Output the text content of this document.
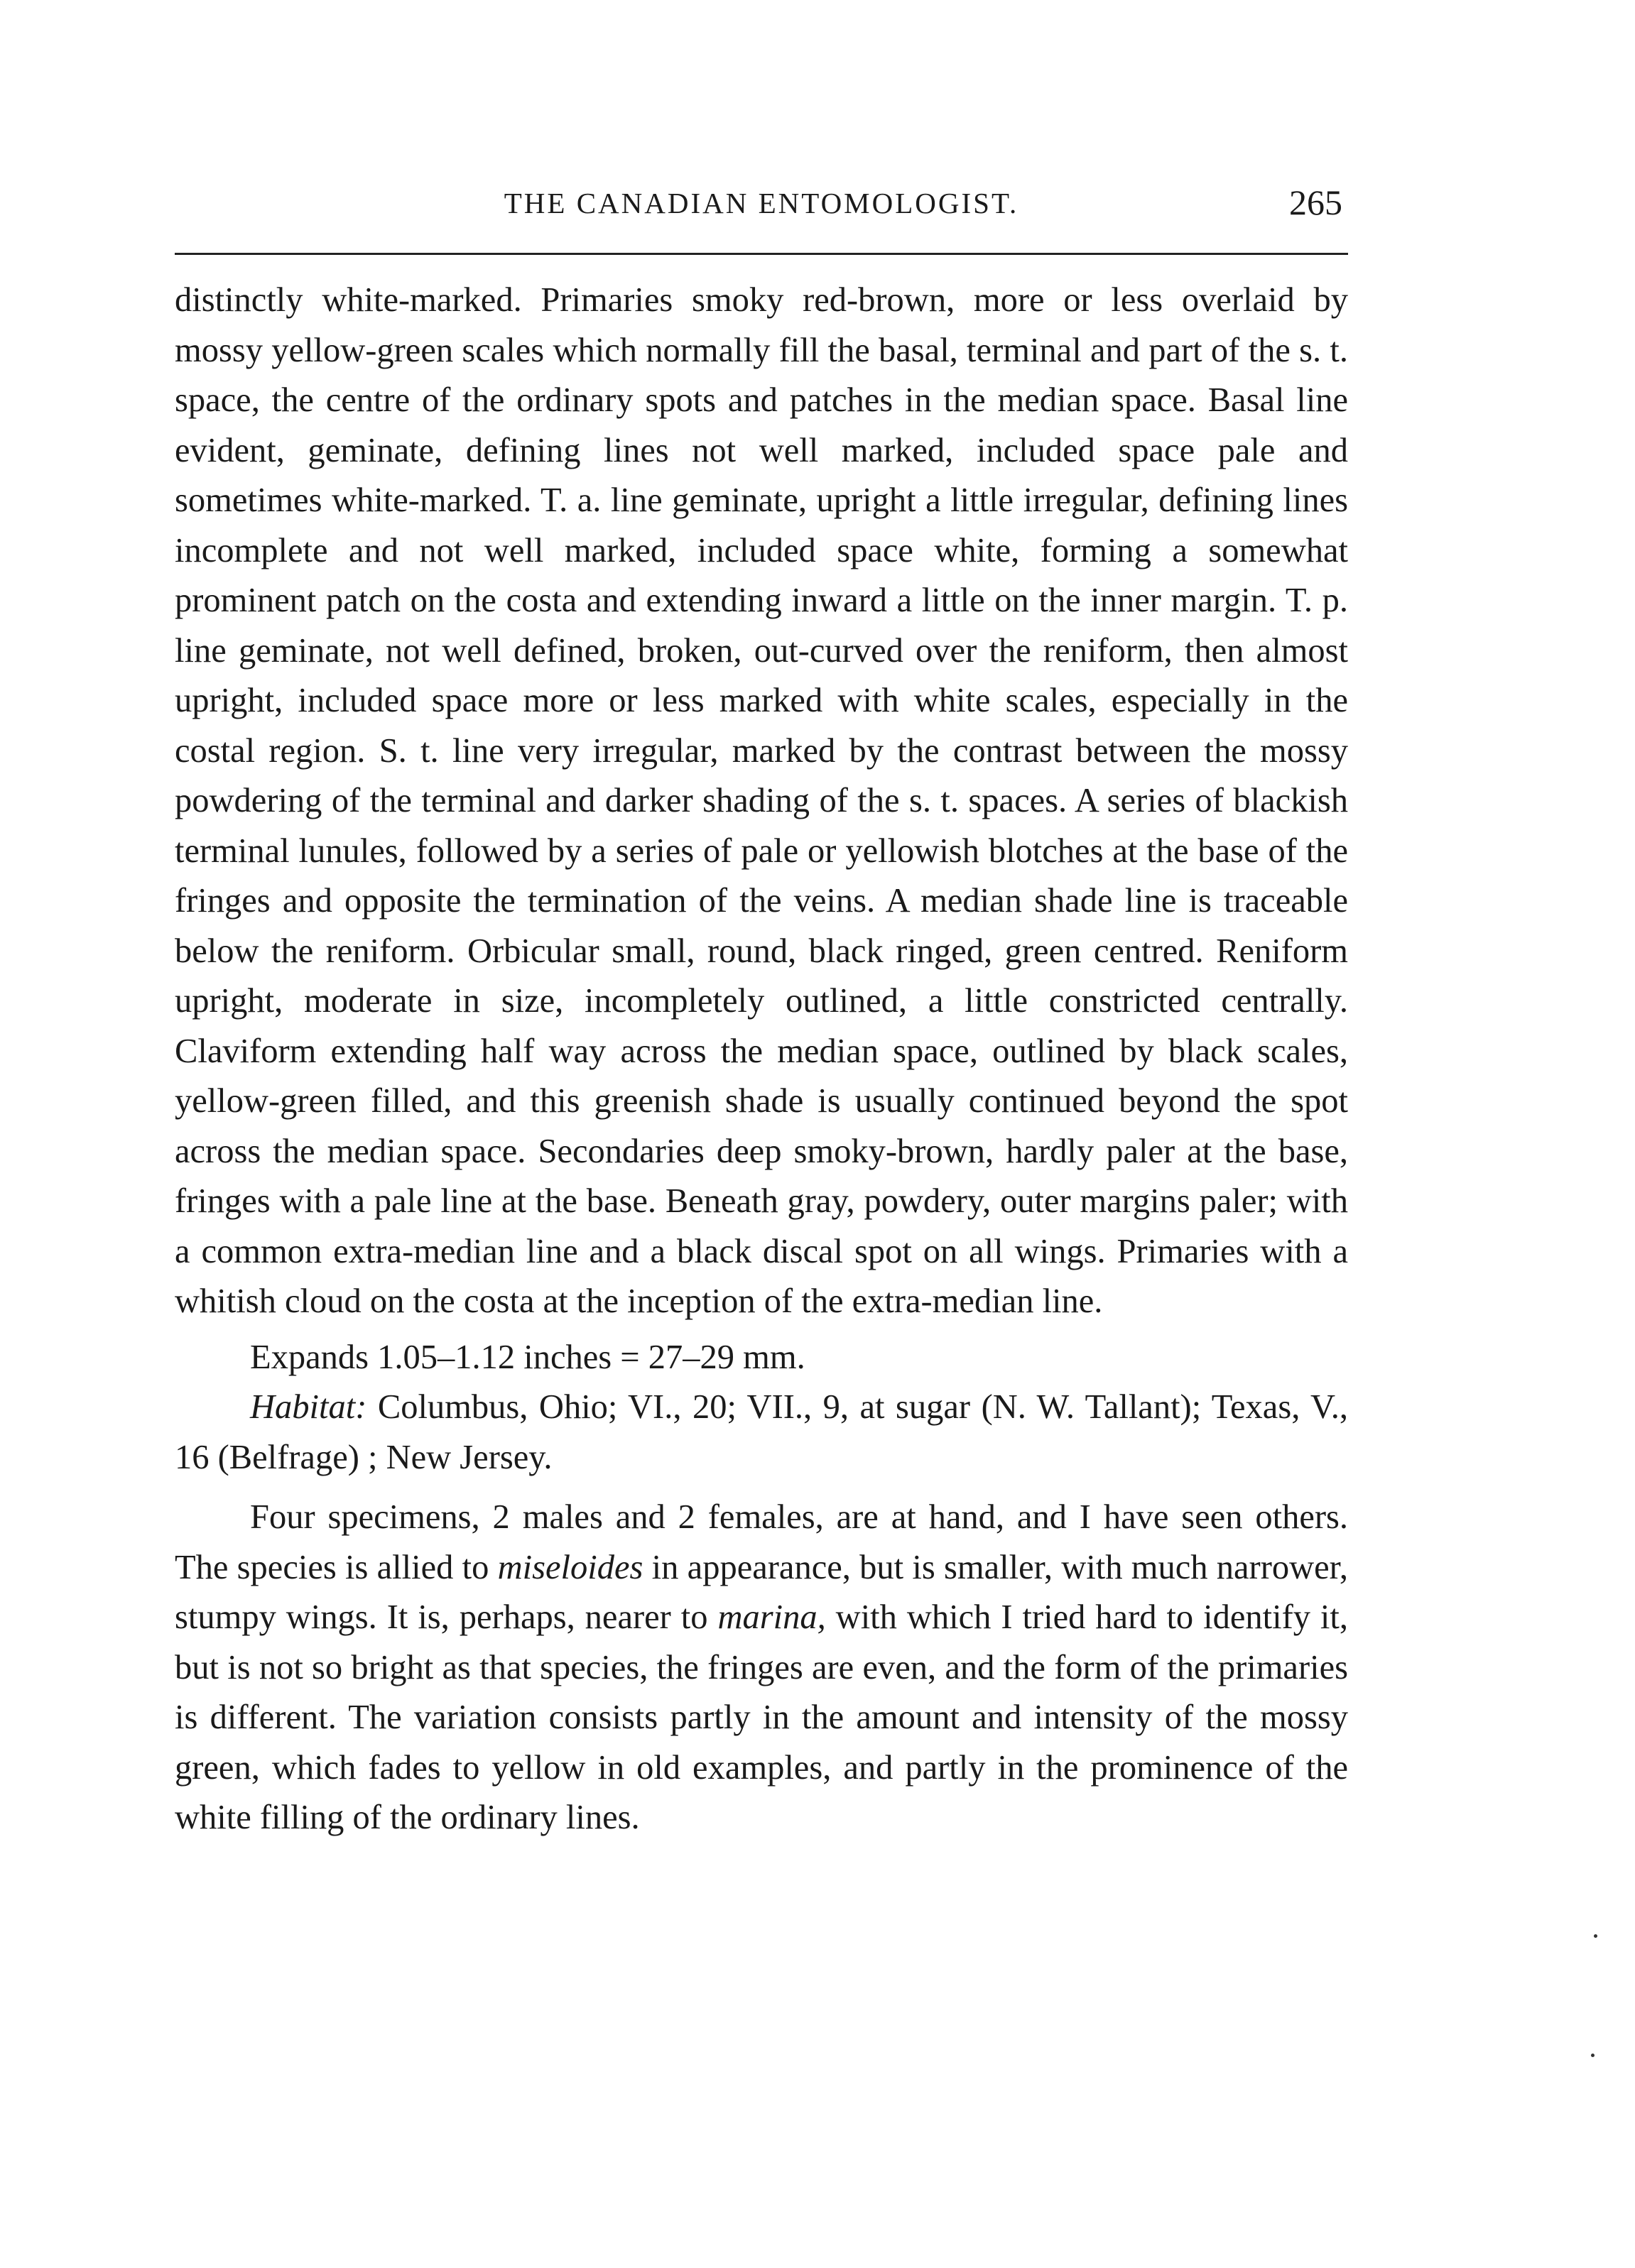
THE CANADIAN ENTOMOLOGIST.	265

distinctly white-marked. Primaries smoky red-brown, more or less overlaid by mossy yellow-green scales which normally fill the basal, terminal and part of the s. t. space, the centre of the ordinary spots and patches in the median space. Basal line evident, geminate, defining lines not well marked, included space pale and sometimes white-marked. T. a. line geminate, upright a little irregular, defining lines incomplete and not well marked, included space white, forming a somewhat prominent patch on the costa and extending inward a little on the inner margin. T. p. line geminate, not well defined, broken, out-curved over the reniform, then almost upright, included space more or less marked with white scales, especially in the costal region. S. t. line very irregular, marked by the contrast between the mossy powdering of the terminal and darker shading of the s. t. spaces. A series of blackish terminal lunules, followed by a series of pale or yellowish blotches at the base of the fringes and opposite the termination of the veins. A median shade line is traceable below the reniform. Orbicular small, round, black ringed, green centred. Reniform upright, moderate in size, incompletely outlined, a little constricted centrally. Claviform extending half way across the median space, outlined by black scales, yellow-green filled, and this greenish shade is usually continued beyond the spot across the median space. Secondaries deep smoky-brown, hardly paler at the base, fringes with a pale line at the base. Beneath gray, powdery, outer margins paler; with a common extra-median line and a black discal spot on all wings. Primaries with a whitish cloud on the costa at the inception of the extra-median line.

Expands 1.05–1.12 inches = 27–29 mm.

Habitat: Columbus, Ohio; VI., 20; VII., 9, at sugar (N. W. Tallant); Texas, V., 16 (Belfrage) ; New Jersey.

Four specimens, 2 males and 2 females, are at hand, and I have seen others. The species is allied to miseloides in appearance, but is smaller, with much narrower, stumpy wings. It is, perhaps, nearer to marina, with which I tried hard to identify it, but is not so bright as that species, the fringes are even, and the form of the primaries is different. The variation consists partly in the amount and intensity of the mossy green, which fades to yellow in old examples, and partly in the prominence of the white filling of the ordinary lines.
